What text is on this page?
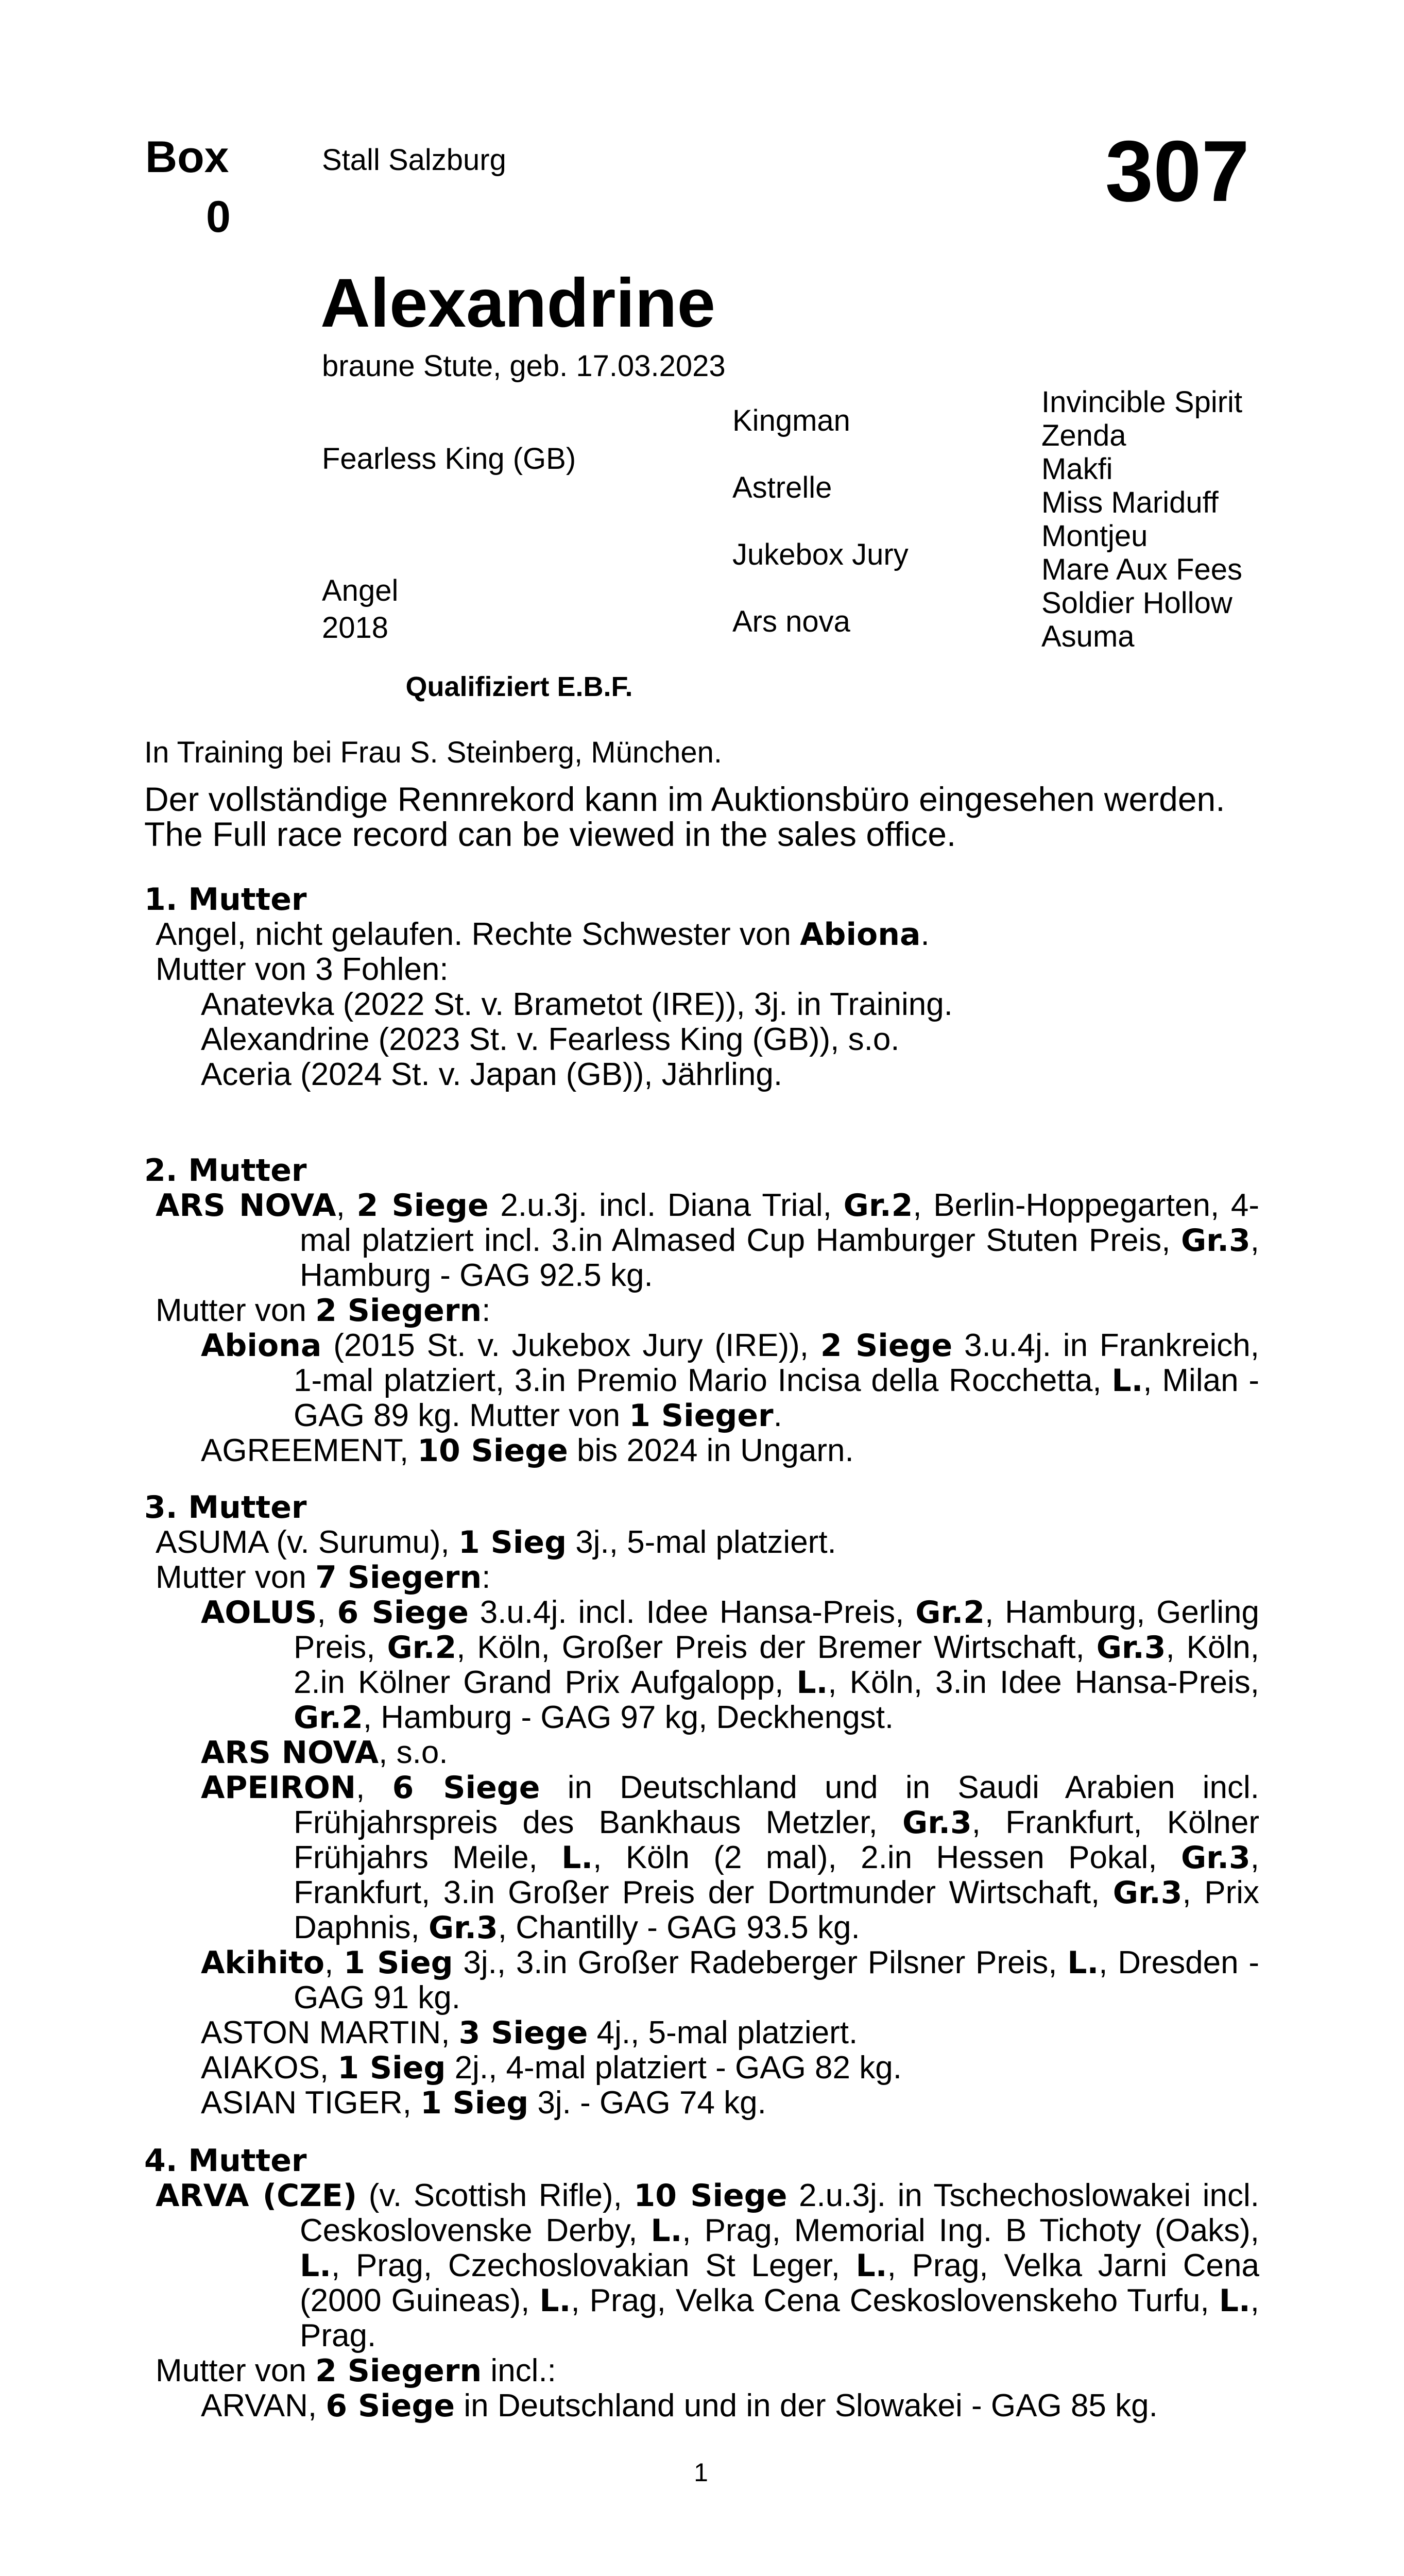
Box
0
Stall Salzburg	307
Alexandrine
braune Stute, geb. 17.03.2023
Fearless King (GB)
Angel
2018
Kingman
Astrelle
Jukebox Jury
Ars nova
Invincible Spirit
Zenda
Makfi
Miss Mariduff
Montjeu
Mare Aux Fees
Soldier Hollow
Asuma
Qualifiziert E.B.F.
In Training bei Frau S. Steinberg, München.
Der vollständige Rennrekord kann im Auktionsbüro eingesehen werden.
The Full race record can be viewed in the sales office.
1. Mutter

Angel, nicht gelaufen. Rechte Schwester von Abiona.

Mutter von 3 Fohlen:

Anatevka (2022 St. v. Brametot (IRE)), 3j. in Training.

Alexandrine (2023 St. v. Fearless King (GB)), s.o.

Aceria (2024 St. v. Japan (GB)), Jährling.

2. Mutter

ARS NOVA, 2 Siege 2.u.3j. incl. Diana Trial, Gr.2, Berlin-Hoppegarten, 4-mal platziert incl. 3.in Almased Cup Hamburger Stuten Preis, Gr.3, Hamburg - GAG 92.5 kg.

Mutter von 2 Siegern:

Abiona (2015 St. v. Jukebox Jury (IRE)), 2 Siege 3.u.4j. in Frankreich, 1-mal platziert, 3.in Premio Mario Incisa della Rocchetta, L., Milan - GAG 89 kg. Mutter von 1 Sieger.

AGREEMENT, 10 Siege bis 2024 in Ungarn.

3. Mutter

ASUMA (v. Surumu), 1 Sieg 3j., 5-mal platziert.

Mutter von 7 Siegern:

AOLUS, 6 Siege 3.u.4j. incl. Idee Hansa-Preis, Gr.2, Hamburg, Gerling Preis, Gr.2, Köln, Großer Preis der Bremer Wirtschaft, Gr.3, Köln, 2.in Kölner Grand Prix Aufgalopp, L., Köln, 3.in Idee Hansa-Preis, Gr.2, Hamburg - GAG 97 kg, Deckhengst.

ARS NOVA, s.o.

APEIRON, 6 Siege in Deutschland und in Saudi Arabien incl. Frühjahrspreis des Bankhaus Metzler, Gr.3, Frankfurt, Kölner Frühjahrs Meile, L., Köln (2 mal), 2.in Hessen Pokal, Gr.3, Frankfurt, 3.in Großer Preis der Dortmunder Wirtschaft, Gr.3, Prix Daphnis, Gr.3, Chantilly - GAG 93.5 kg.

Akihito, 1 Sieg 3j., 3.in Großer Radeberger Pilsner Preis, L., Dresden - GAG 91 kg.

ASTON MARTIN, 3 Siege 4j., 5-mal platziert.

AIAKOS, 1 Sieg 2j., 4-mal platziert - GAG 82 kg.

ASIAN TIGER, 1 Sieg 3j. - GAG 74 kg.

4. Mutter

ARVA (CZE) (v. Scottish Rifle), 10 Siege 2.u.3j. in Tschechoslowakei incl. Ceskoslovenske Derby, L., Prag, Memorial Ing. B Tichoty (Oaks), L., Prag, Czechoslovakian St Leger, L., Prag, Velka Jarni Cena (2000 Guineas), L., Prag, Velka Cena Ceskoslovenskeho Turfu, L., Prag.

Mutter von 2 Siegern incl.:

ARVAN, 6 Siege in Deutschland und in der Slowakei - GAG 85 kg.

1
